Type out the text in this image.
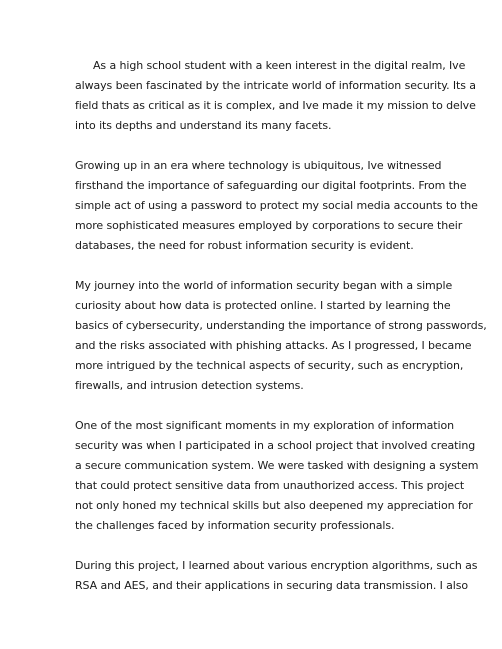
As a high school student with a keen interest in the digital realm, Ive
always been fascinated by the intricate world of information security. Its a
field thats as critical as it is complex, and Ive made it my mission to delve
into its depths and understand its many facets.
Growing up in an era where technology is ubiquitous, Ive witnessed
firsthand the importance of safeguarding our digital footprints. From the
simple act of using a password to protect my social media accounts to the
more sophisticated measures employed by corporations to secure their
databases, the need for robust information security is evident.
My journey into the world of information security began with a simple
curiosity about how data is protected online. I started by learning the
basics of cybersecurity, understanding the importance of strong passwords,
and the risks associated with phishing attacks. As I progressed, I became
more intrigued by the technical aspects of security, such as encryption,
firewalls, and intrusion detection systems.
One of the most significant moments in my exploration of information
security was when I participated in a school project that involved creating
a secure communication system. We were tasked with designing a system
that could protect sensitive data from unauthorized access. This project
not only honed my technical skills but also deepened my appreciation for
the challenges faced by information security professionals.
During this project, I learned about various encryption algorithms, such as
RSA and AES, and their applications in securing data transmission. I also
